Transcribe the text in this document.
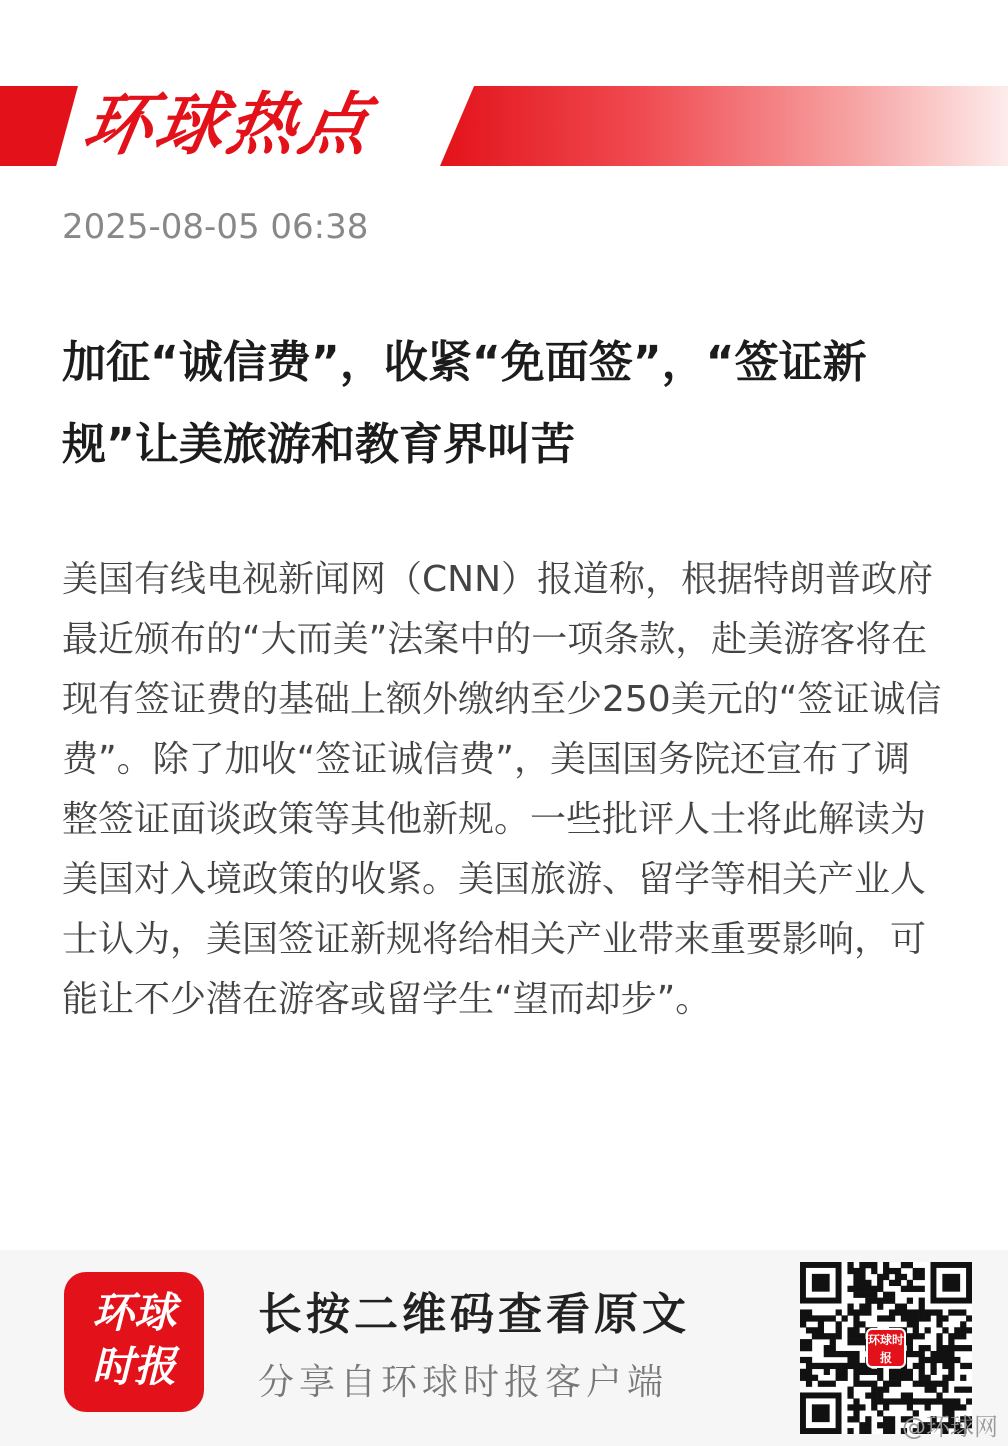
环球热点
2025-08-05 06:38
加征“诚信费”，收紧“免面签”，“签证新规”让美旅游和教育界叫苦

美国有线电视新闻网（CNN）报道称，根据特朗普政府最近颁布的“大而美”法案中的一项条款，赴美游客将在现有签证费的基础上额外缴纳至少250美元的“签证诚信费”。除了加收“签证诚信费”，美国国务院还宣布了调整签证面谈政策等其他新规。一些批评人士将此解读为美国对入境政策的收紧。美国旅游、留学等相关产业人士认为，美国签证新规将给相关产业带来重要影响，可能让不少潜在游客或留学生“望而却步”。

环球
时报
长按二维码查看原文
分享自环球时报客户端
环球时报
@环球网
